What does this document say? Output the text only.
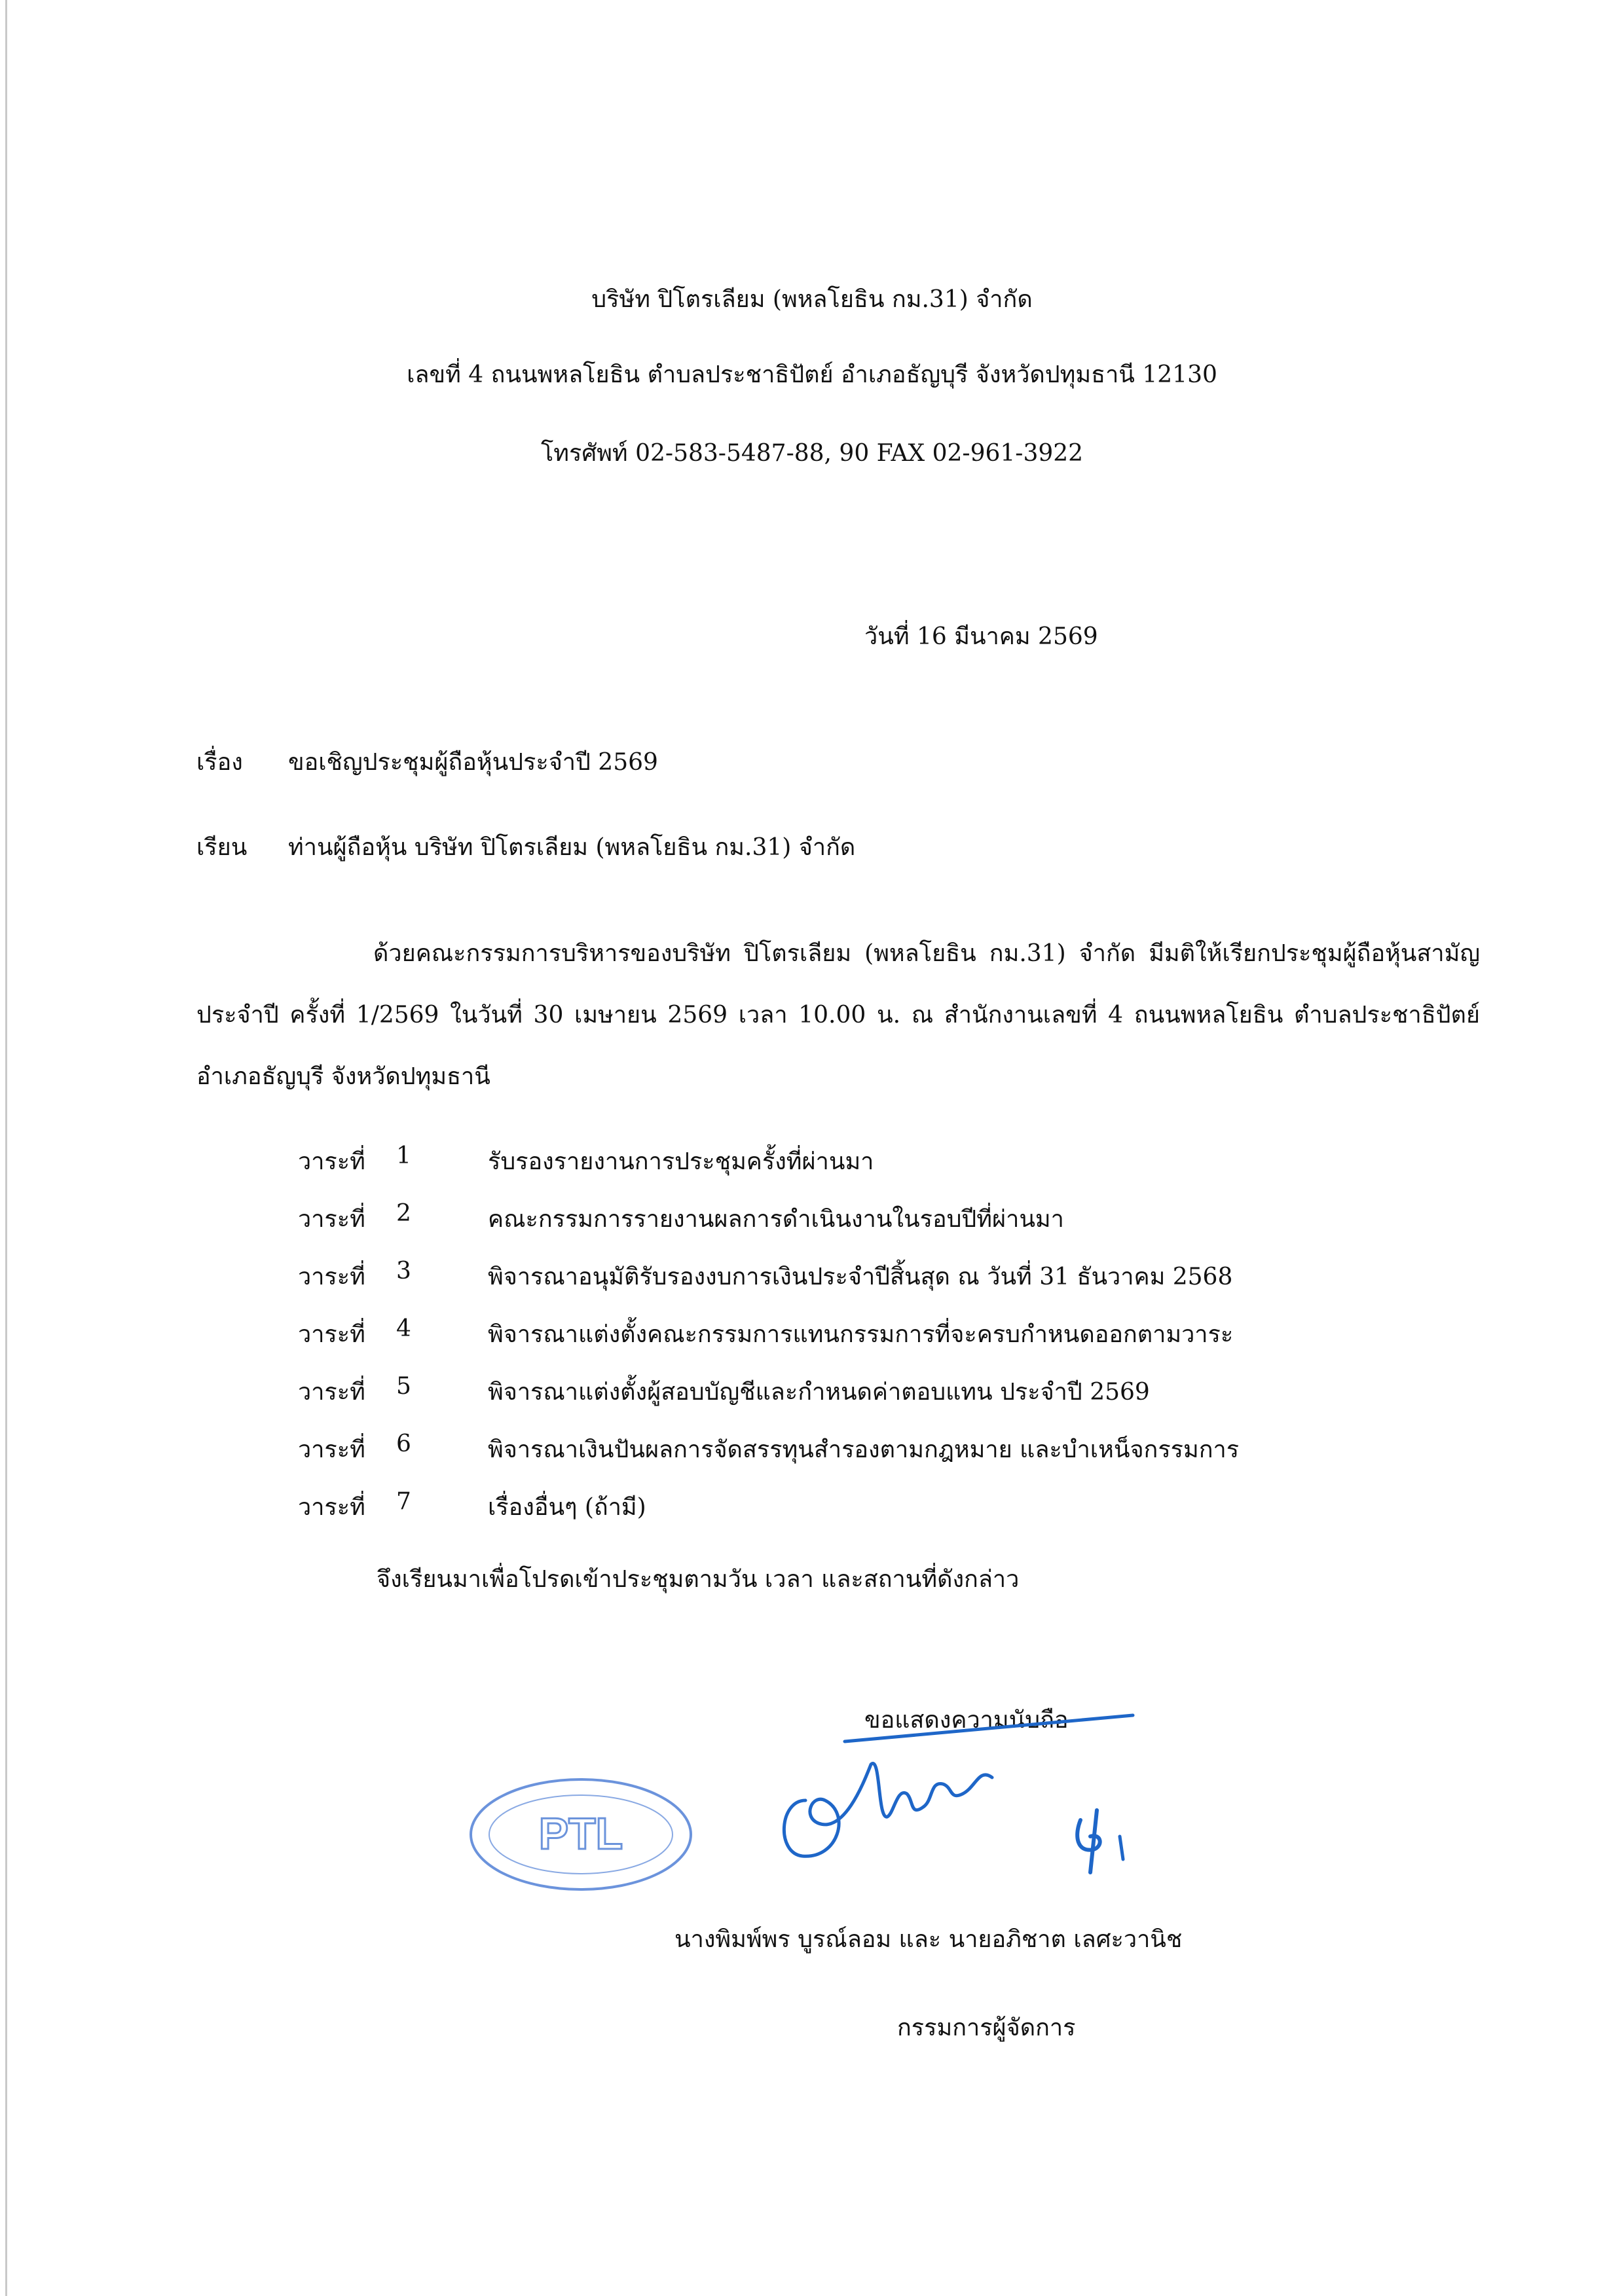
บริษัท ปิโตรเลียม (พหลโยธิน กม.31) จำกัด
เลขที่ 4 ถนนพหลโยธิน ตำบลประชาธิปัตย์ อำเภอธัญบุรี จังหวัดปทุมธานี 12130
โทรศัพท์ 02-583-5487-88, 90 FAX 02-961-3922
วันที่ 16 มีนาคม 2569
เรื่อง ขอเชิญประชุมผู้ถือหุ้นประจำปี 2569
เรียน ท่านผู้ถือหุ้น บริษัท ปิโตรเลียม (พหลโยธิน กม.31) จำกัด
ด้วยคณะกรรมการบริหารของบริษัท ปิโตรเลียม (พหลโยธิน กม.31) จำกัด มีมติให้เรียกประชุมผู้ถือหุ้นสามัญประจำปี ครั้งที่ 1/2569 ในวันที่ 30 เมษายน 2569 เวลา 10.00 น. ณ สำนักงานเลขที่ 4 ถนนพหลโยธิน ตำบลประชาธิปัตย์ อำเภอธัญบุรี จังหวัดปทุมธานี
วาระที่ 1	รับรองรายงานการประชุมครั้งที่ผ่านมา
วาระที่ 2	คณะกรรมการรายงานผลการดำเนินงานในรอบปีที่ผ่านมา
วาระที่ 3	พิจารณาอนุมัติรับรองงบการเงินประจำปีสิ้นสุด ณ วันที่ 31 ธันวาคม 2568
วาระที่ 4	พิจารณาแต่งตั้งคณะกรรมการแทนกรรมการที่จะครบกำหนดออกตามวาระ
วาระที่ 5	พิจารณาแต่งตั้งผู้สอบบัญชีและกำหนดค่าตอบแทน ประจำปี 2569
วาระที่ 6	พิจารณาเงินปันผลการจัดสรรทุนสำรองตามกฎหมาย และบำเหน็จกรรมการ
วาระที่ 7	เรื่องอื่นๆ (ถ้ามี)
จึงเรียนมาเพื่อโปรดเข้าประชุมตามวัน เวลา และสถานที่ดังกล่าว
ขอแสดงความนับถือ
PTL
นางพิมพ์พร บูรณ์ลอม และ นายอภิชาต เลศะวานิช
กรรมการผู้จัดการ
